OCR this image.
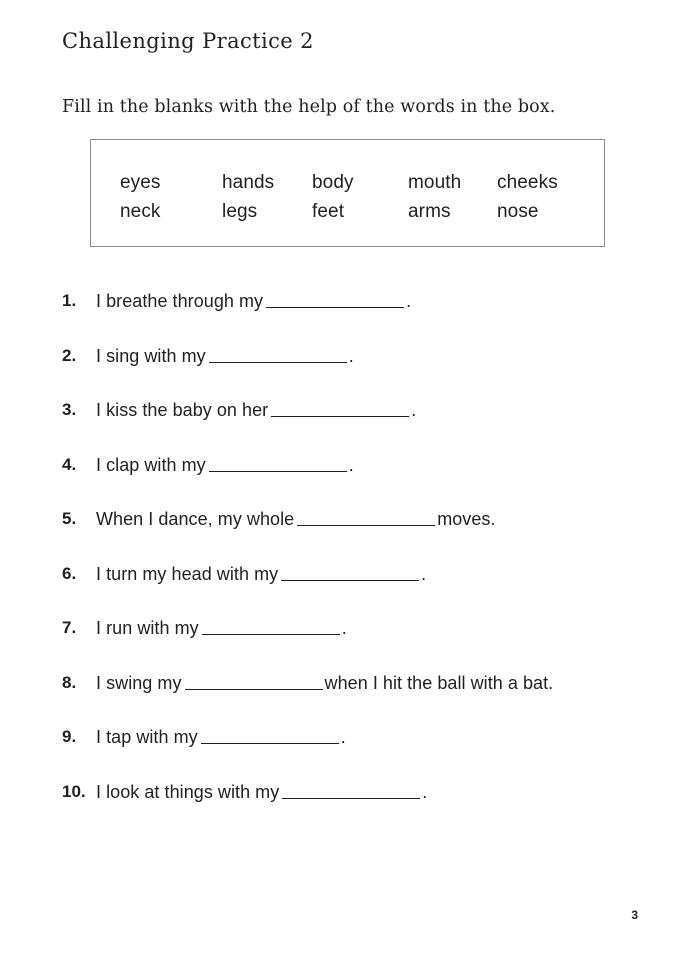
Challenging Practice 2
Fill in the blanks with the help of the words in the box.
eyes	hands	body	mouth	cheeks
neck	legs	feet	arms	nose
1.	I breathe through my	.
2.	I sing with my	.
3.	I kiss the baby on her	.
4.	I clap with my	.
5.	When I dance, my whole	moves.
6.	I turn my head with my	.
7.	I run with my	.
8.	I swing my	when I hit the ball with a bat.
9.	I tap with my	.
10. I look at things with my	.
3
